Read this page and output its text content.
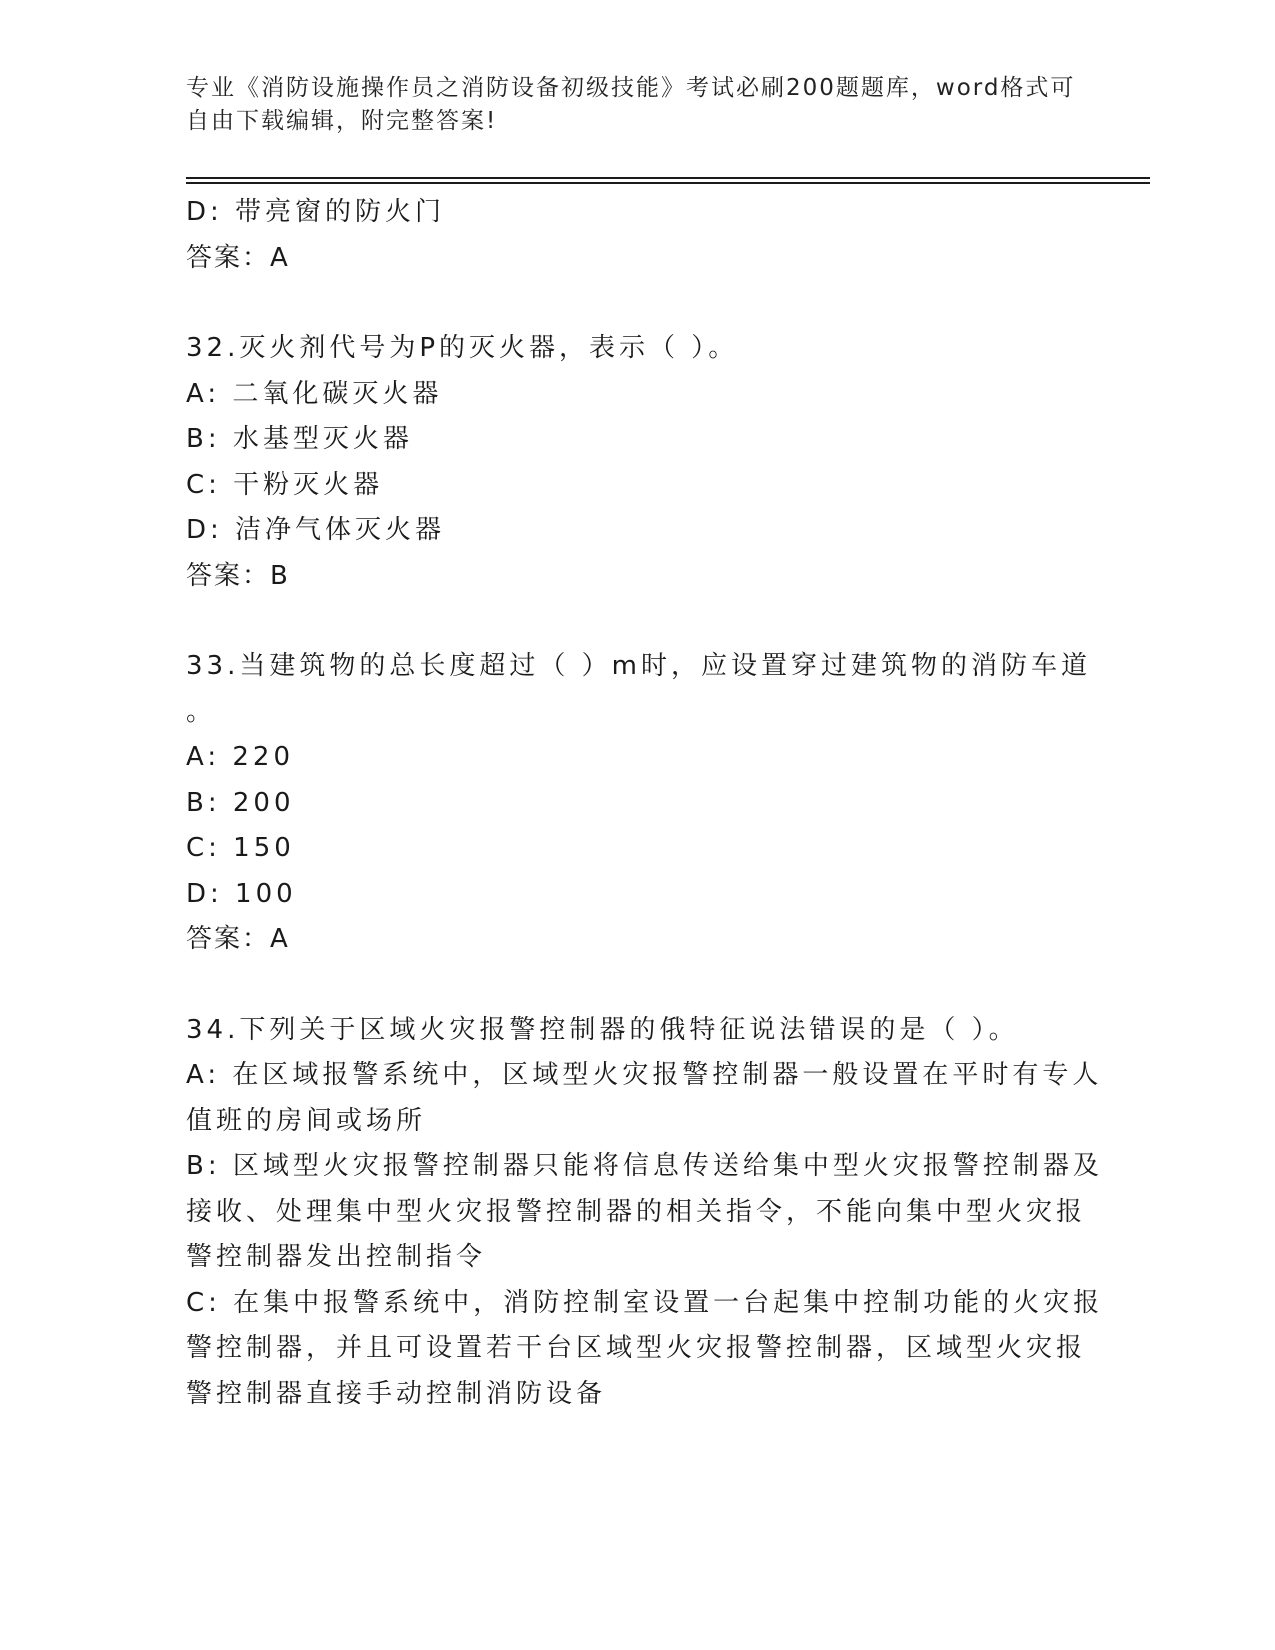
专业《消防设施操作员之消防设备初级技能》考试必刷200题题库，word格式可
自由下载编辑，附完整答案!
D: 带亮窗的防火门
答案：A
32.灭火剂代号为P的灭火器，表示（ ）。
A: 二氧化碳灭火器
B: 水基型灭火器
C: 干粉灭火器
D: 洁净气体灭火器
答案：B
33.当建筑物的总长度超过（ ）m时，应设置穿过建筑物的消防车道
。
A: 220
B: 200
C: 150
D: 100
答案：A
34.下列关于区域火灾报警控制器的俄特征说法错误的是（ ）。
A: 在区域报警系统中，区域型火灾报警控制器一般设置在平时有专人
值班的房间或场所
B: 区域型火灾报警控制器只能将信息传送给集中型火灾报警控制器及
接收、处理集中型火灾报警控制器的相关指令，不能向集中型火灾报
警控制器发出控制指令
C: 在集中报警系统中，消防控制室设置一台起集中控制功能的火灾报
警控制器，并且可设置若干台区域型火灾报警控制器，区域型火灾报
警控制器直接手动控制消防设备
